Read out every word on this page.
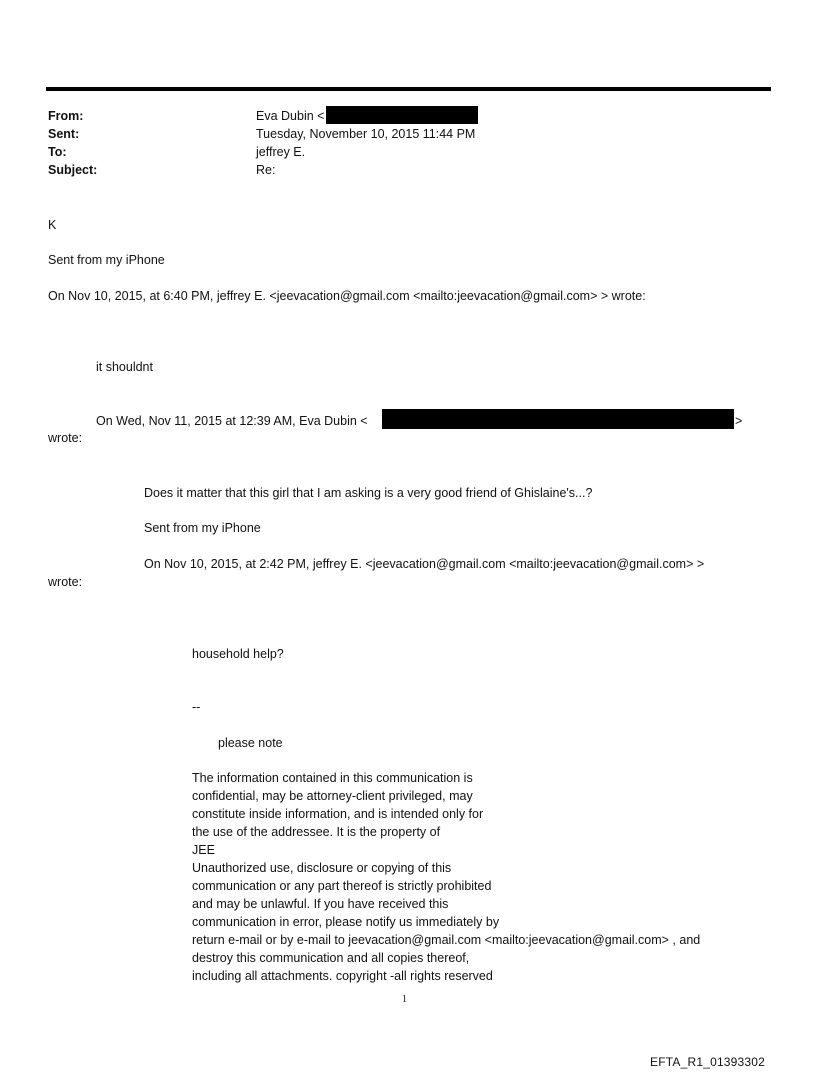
From:	Eva Dubin <
Sent:	Tuesday, November 10, 2015 11:44 PM
To:	jeffrey E.
Subject:	Re:
K
Sent from my iPhone
On Nov 10, 2015, at 6:40 PM, jeffrey E. <jeevacation@gmail.com <mailto:jeevacation@gmail.com> > wrote:
it shouldnt
On Wed, Nov 11, 2015 at 12:39 AM, Eva Dubin <	>
wrote:
Does it matter that this girl that I am asking is a very good friend of Ghislaine's...?
Sent from my iPhone
On Nov 10, 2015, at 2:42 PM, jeffrey E. <jeevacation@gmail.com <mailto:jeevacation@gmail.com> >
wrote:
household help?
--
please note
The information contained in this communication is
confidential, may be attorney-client privileged, may
constitute inside information, and is intended only for
the use of the addressee. It is the property of
JEE
Unauthorized use, disclosure or copying of this
communication or any part thereof is strictly prohibited
and may be unlawful. If you have received this
communication in error, please notify us immediately by
return e-mail or by e-mail to jeevacation@gmail.com <mailto:jeevacation@gmail.com> , and
destroy this communication and all copies thereof,
including all attachments. copyright -all rights reserved
1
EFTA_R1_01393302
